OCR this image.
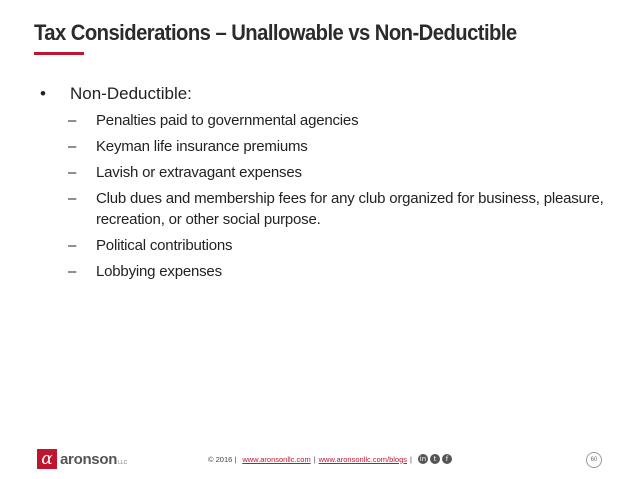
Tax Considerations – Unallowable vs Non-Deductible
•	Non-Deductible:
–	Penalties paid to governmental agencies
–	Keyman life insurance premiums
–	Lavish or extravagant expenses
–	Club dues and membership fees for any club organized for business, pleasure, recreation, or other social purpose.
–	Political contributions
–	Lobbying expenses
α aronson LLC	© 2016 | www.aronsonllc.com | www.aronsonllc.com/blogs | in	t	f	60
